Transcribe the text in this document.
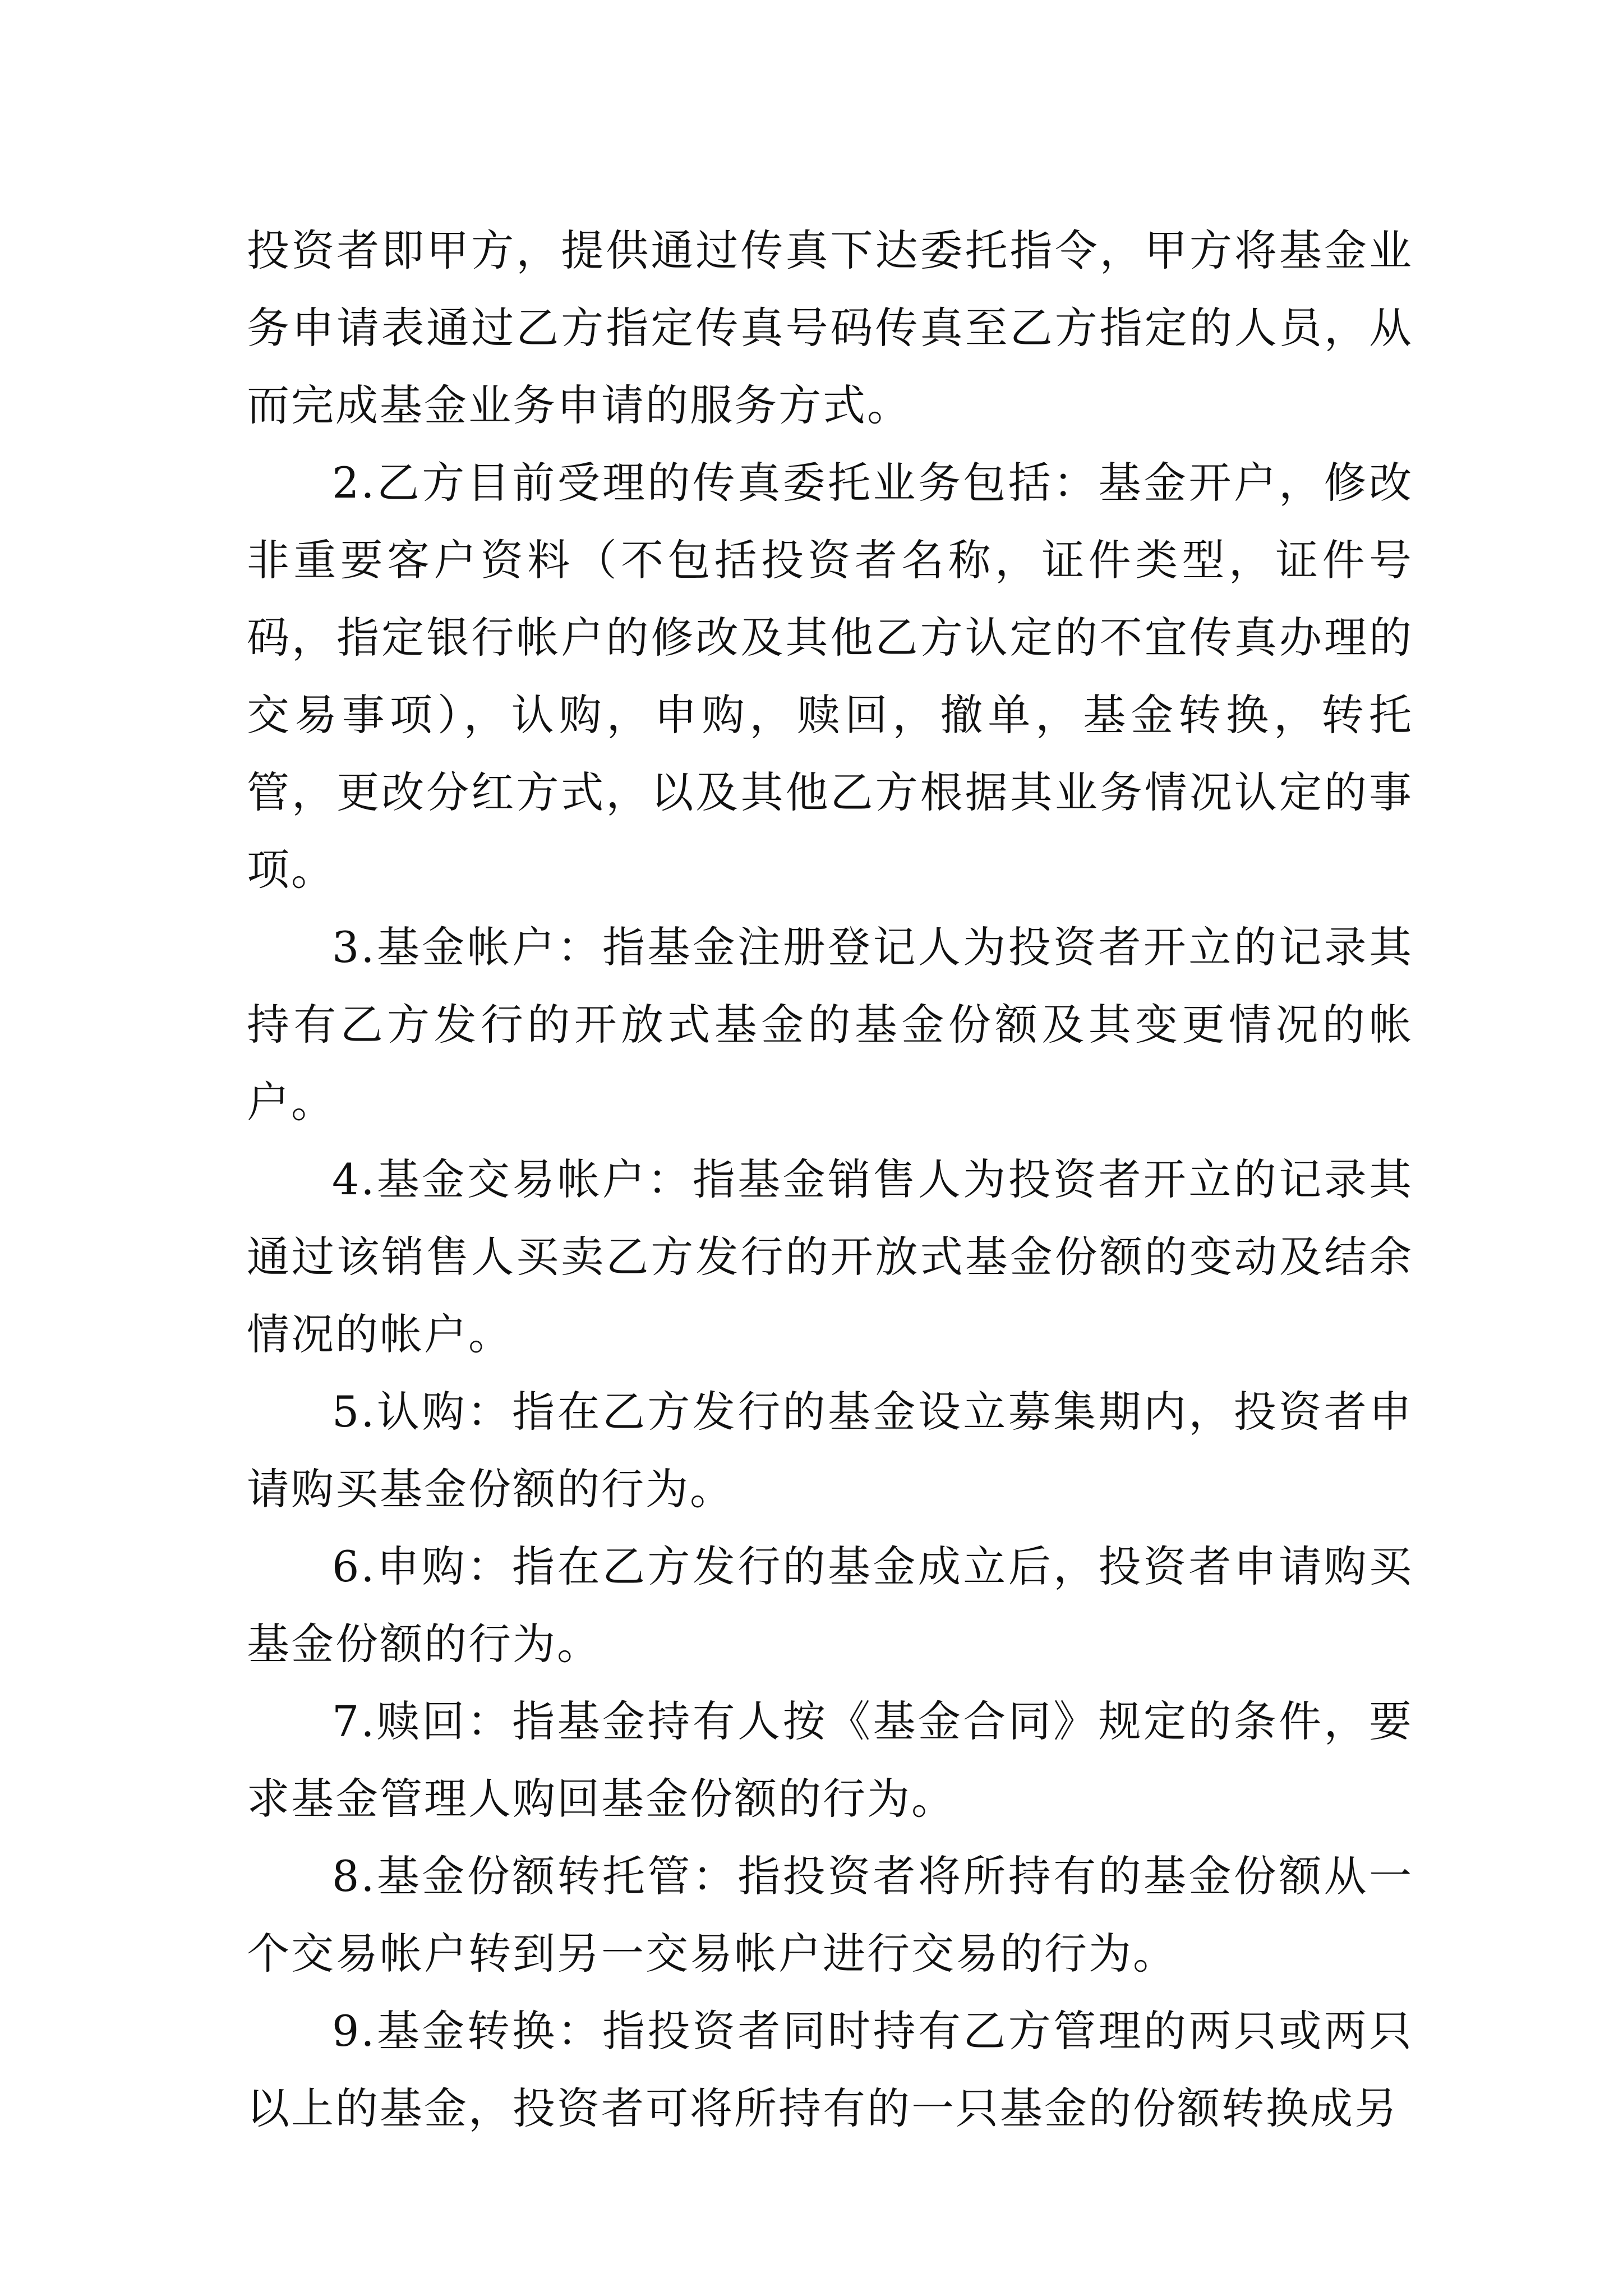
投资者即甲方，提供通过传真下达委托指令，甲方将基金业务申请表通过乙方指定传真号码传真至乙方指定的人员，从而完成基金业务申请的服务方式。

2.乙方目前受理的传真委托业务包括：基金开户，修改非重要客户资料（不包括投资者名称，证件类型，证件号码，指定银行帐户的修改及其他乙方认定的不宜传真办理的交易事项），认购，申购，赎回，撤单，基金转换，转托管，更改分红方式，以及其他乙方根据其业务情况认定的事项。

3.基金帐户：指基金注册登记人为投资者开立的记录其持有乙方发行的开放式基金的基金份额及其变更情况的帐户。

4.基金交易帐户：指基金销售人为投资者开立的记录其通过该销售人买卖乙方发行的开放式基金份额的变动及结余情况的帐户。

5.认购：指在乙方发行的基金设立募集期内，投资者申请购买基金份额的行为。

6.申购：指在乙方发行的基金成立后，投资者申请购买基金份额的行为。

7.赎回：指基金持有人按《基金合同》规定的条件，要求基金管理人购回基金份额的行为。

8.基金份额转托管：指投资者将所持有的基金份额从一个交易帐户转到另一交易帐户进行交易的行为。

9.基金转换：指投资者同时持有乙方管理的两只或两只以上的基金，投资者可将所持有的一只基金的份额转换成另
